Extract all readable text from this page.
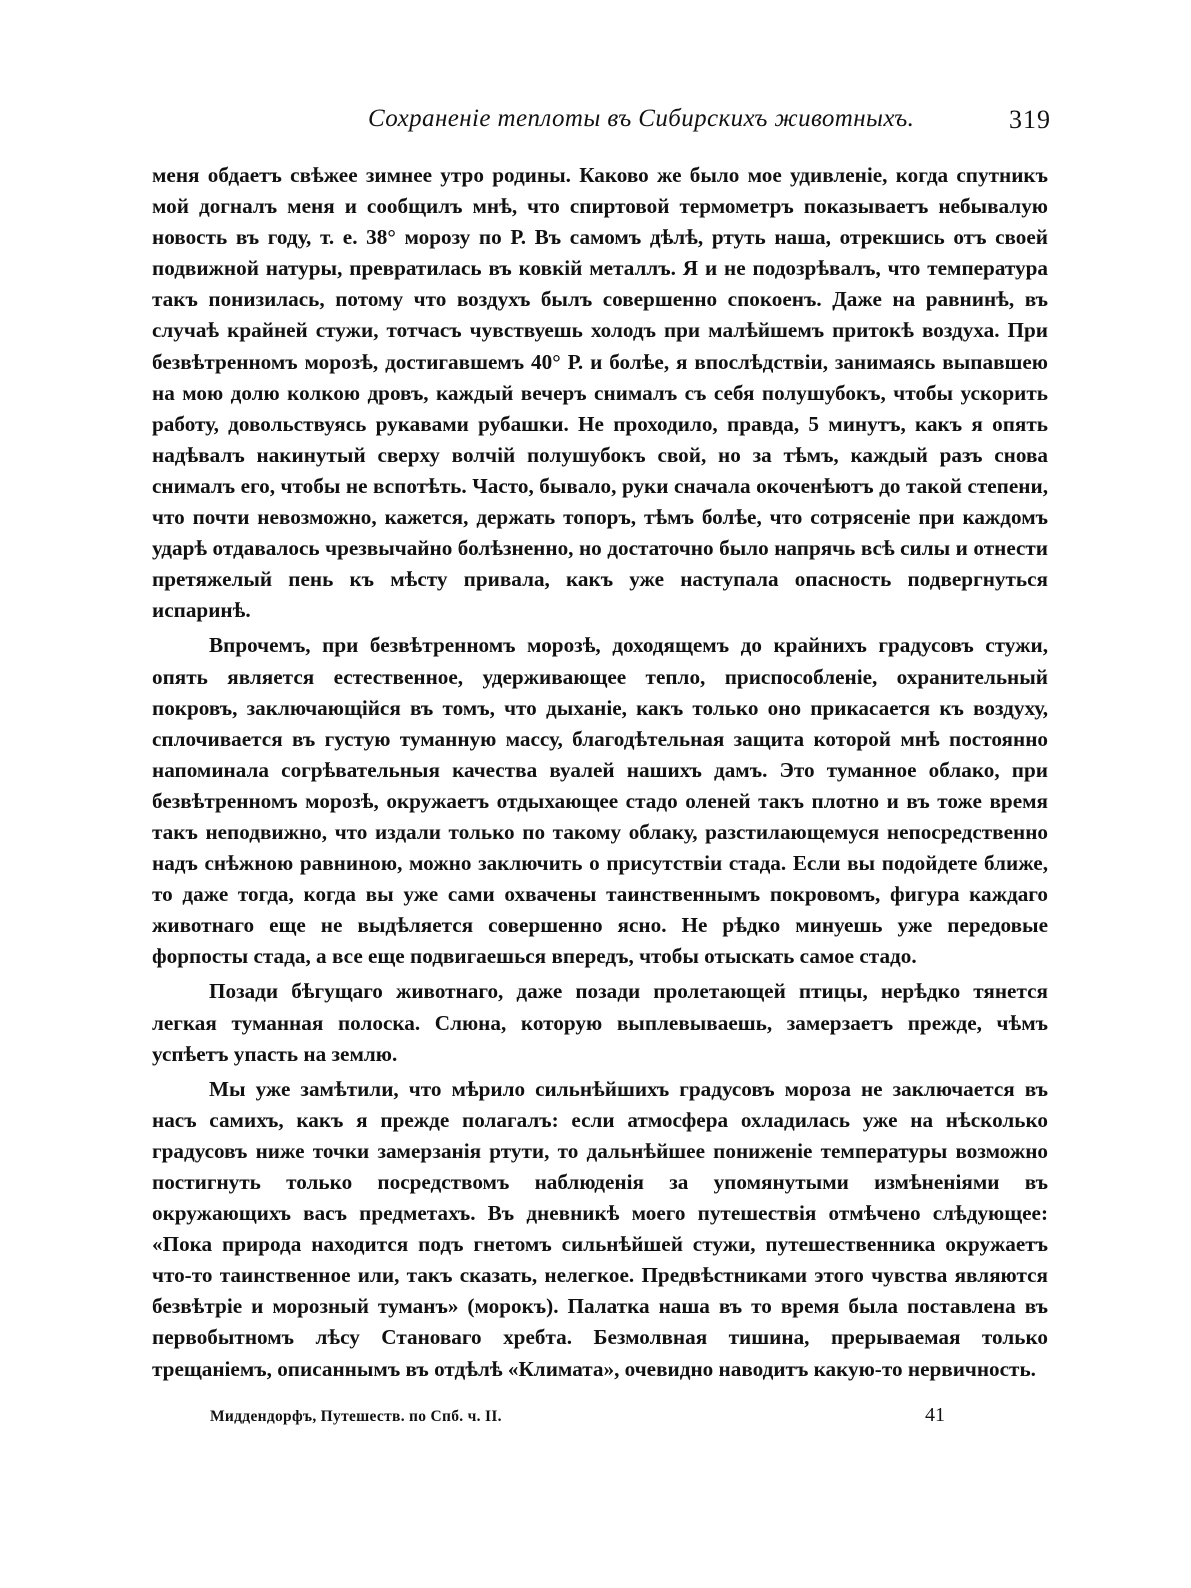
Сохраненіе теплоты въ Сибирскихъ животныхъ.	319

меня обдаетъ свѣжее зимнее утро родины. Каково же было мое удивленіе, когда спутникъ мой догналъ меня и сообщилъ мнѣ, что спиртовой термометръ показываетъ небывалую новость въ году, т. е. 38° морозу по Р. Въ самомъ дѣлѣ, ртуть наша, отрекшись отъ своей подвижной натуры, превратилась въ ковкій металлъ. Я и не подозрѣвалъ, что температура такъ понизилась, потому что воздухъ былъ совершенно спокоенъ. Даже на равнинѣ, въ случаѣ крайней стужи, тотчасъ чувствуешь холодъ при малѣйшемъ притокѣ воздуха. При безвѣтренномъ морозѣ, достигавшемъ 40° Р. и болѣе, я впослѣдствіи, занимаясь выпавшею на мою долю колкою дровъ, каждый вечеръ снималъ съ себя полушубокъ, чтобы ускорить работу, довольствуясь рукавами рубашки. Не проходило, правда, 5 минутъ, какъ я опять надѣвалъ накинутый сверху волчій полушубокъ свой, но за тѣмъ, каждый разъ снова снималъ его, чтобы не вспотѣть. Часто, бывало, руки сначала окоченѣютъ до такой степени, что почти невозможно, кажется, держать топоръ, тѣмъ болѣе, что сотрясеніе при каждомъ ударѣ отдавалось чрезвычайно болѣзненно, но достаточно было напрячь всѣ силы и отнести претяжелый пень къ мѣсту привала, какъ уже наступала опасность подвергнуться испаринѣ.

Впрочемъ, при безвѣтренномъ морозѣ, доходящемъ до крайнихъ градусовъ стужи, опять является естественное, удерживающее тепло, приспособленіе, охранительный покровъ, заключающійся въ томъ, что дыханіе, какъ только оно прикасается къ воздуху, сплочивается въ густую туманную массу, благодѣтельная защита которой мнѣ постоянно напоминала согрѣвательныя качества вуалей нашихъ дамъ. Это туманное облако, при безвѣтренномъ морозѣ, окружаетъ отдыхающее стадо оленей такъ плотно и въ тоже время такъ неподвижно, что издали только по такому облаку, разстилающемуся непосредственно надъ снѣжною равниною, можно заключить о присутствіи стада. Если вы подойдете ближе, то даже тогда, когда вы уже сами охвачены таинственнымъ покровомъ, фигура каждаго животнаго еще не выдѣляется совершенно ясно. Не рѣдко минуешь уже передовые форпосты стада, а все еще подвигаешься впередъ, чтобы отыскать самое стадо.

Позади бѣгущаго животнаго, даже позади пролетающей птицы, нерѣдко тянется легкая туманная полоска. Слюна, которую выплевываешь, замерзаетъ прежде, чѣмъ успѣетъ упасть на землю.

Мы уже замѣтили, что мѣрило сильнѣйшихъ градусовъ мороза не заключается въ насъ самихъ, какъ я прежде полагалъ: если атмосфера охладилась уже на нѣсколько градусовъ ниже точки замерзанія ртути, то дальнѣйшее пониженіе температуры возможно постигнуть только посредствомъ наблюденія за упомянутыми измѣненіями въ окружающихъ васъ предметахъ. Въ дневникѣ моего путешествія отмѣчено слѣдующее: «Пока природа находится подъ гнетомъ сильнѣйшей стужи, путешественника окружаетъ что-то таинственное или, такъ сказать, нелегкое. Предвѣстниками этого чувства являются безвѣтріе и морозный туманъ» (морокъ). Палатка наша въ то время была поставлена въ первобытномъ лѣсу Становаго хребта. Безмолвная тишина, прерываемая только трещаніемъ, описаннымъ въ отдѣлѣ «Климата», очевидно наводитъ какую-то нервичность.

Миддендорфъ, Путешеств. по Спб. ч. II.	41
